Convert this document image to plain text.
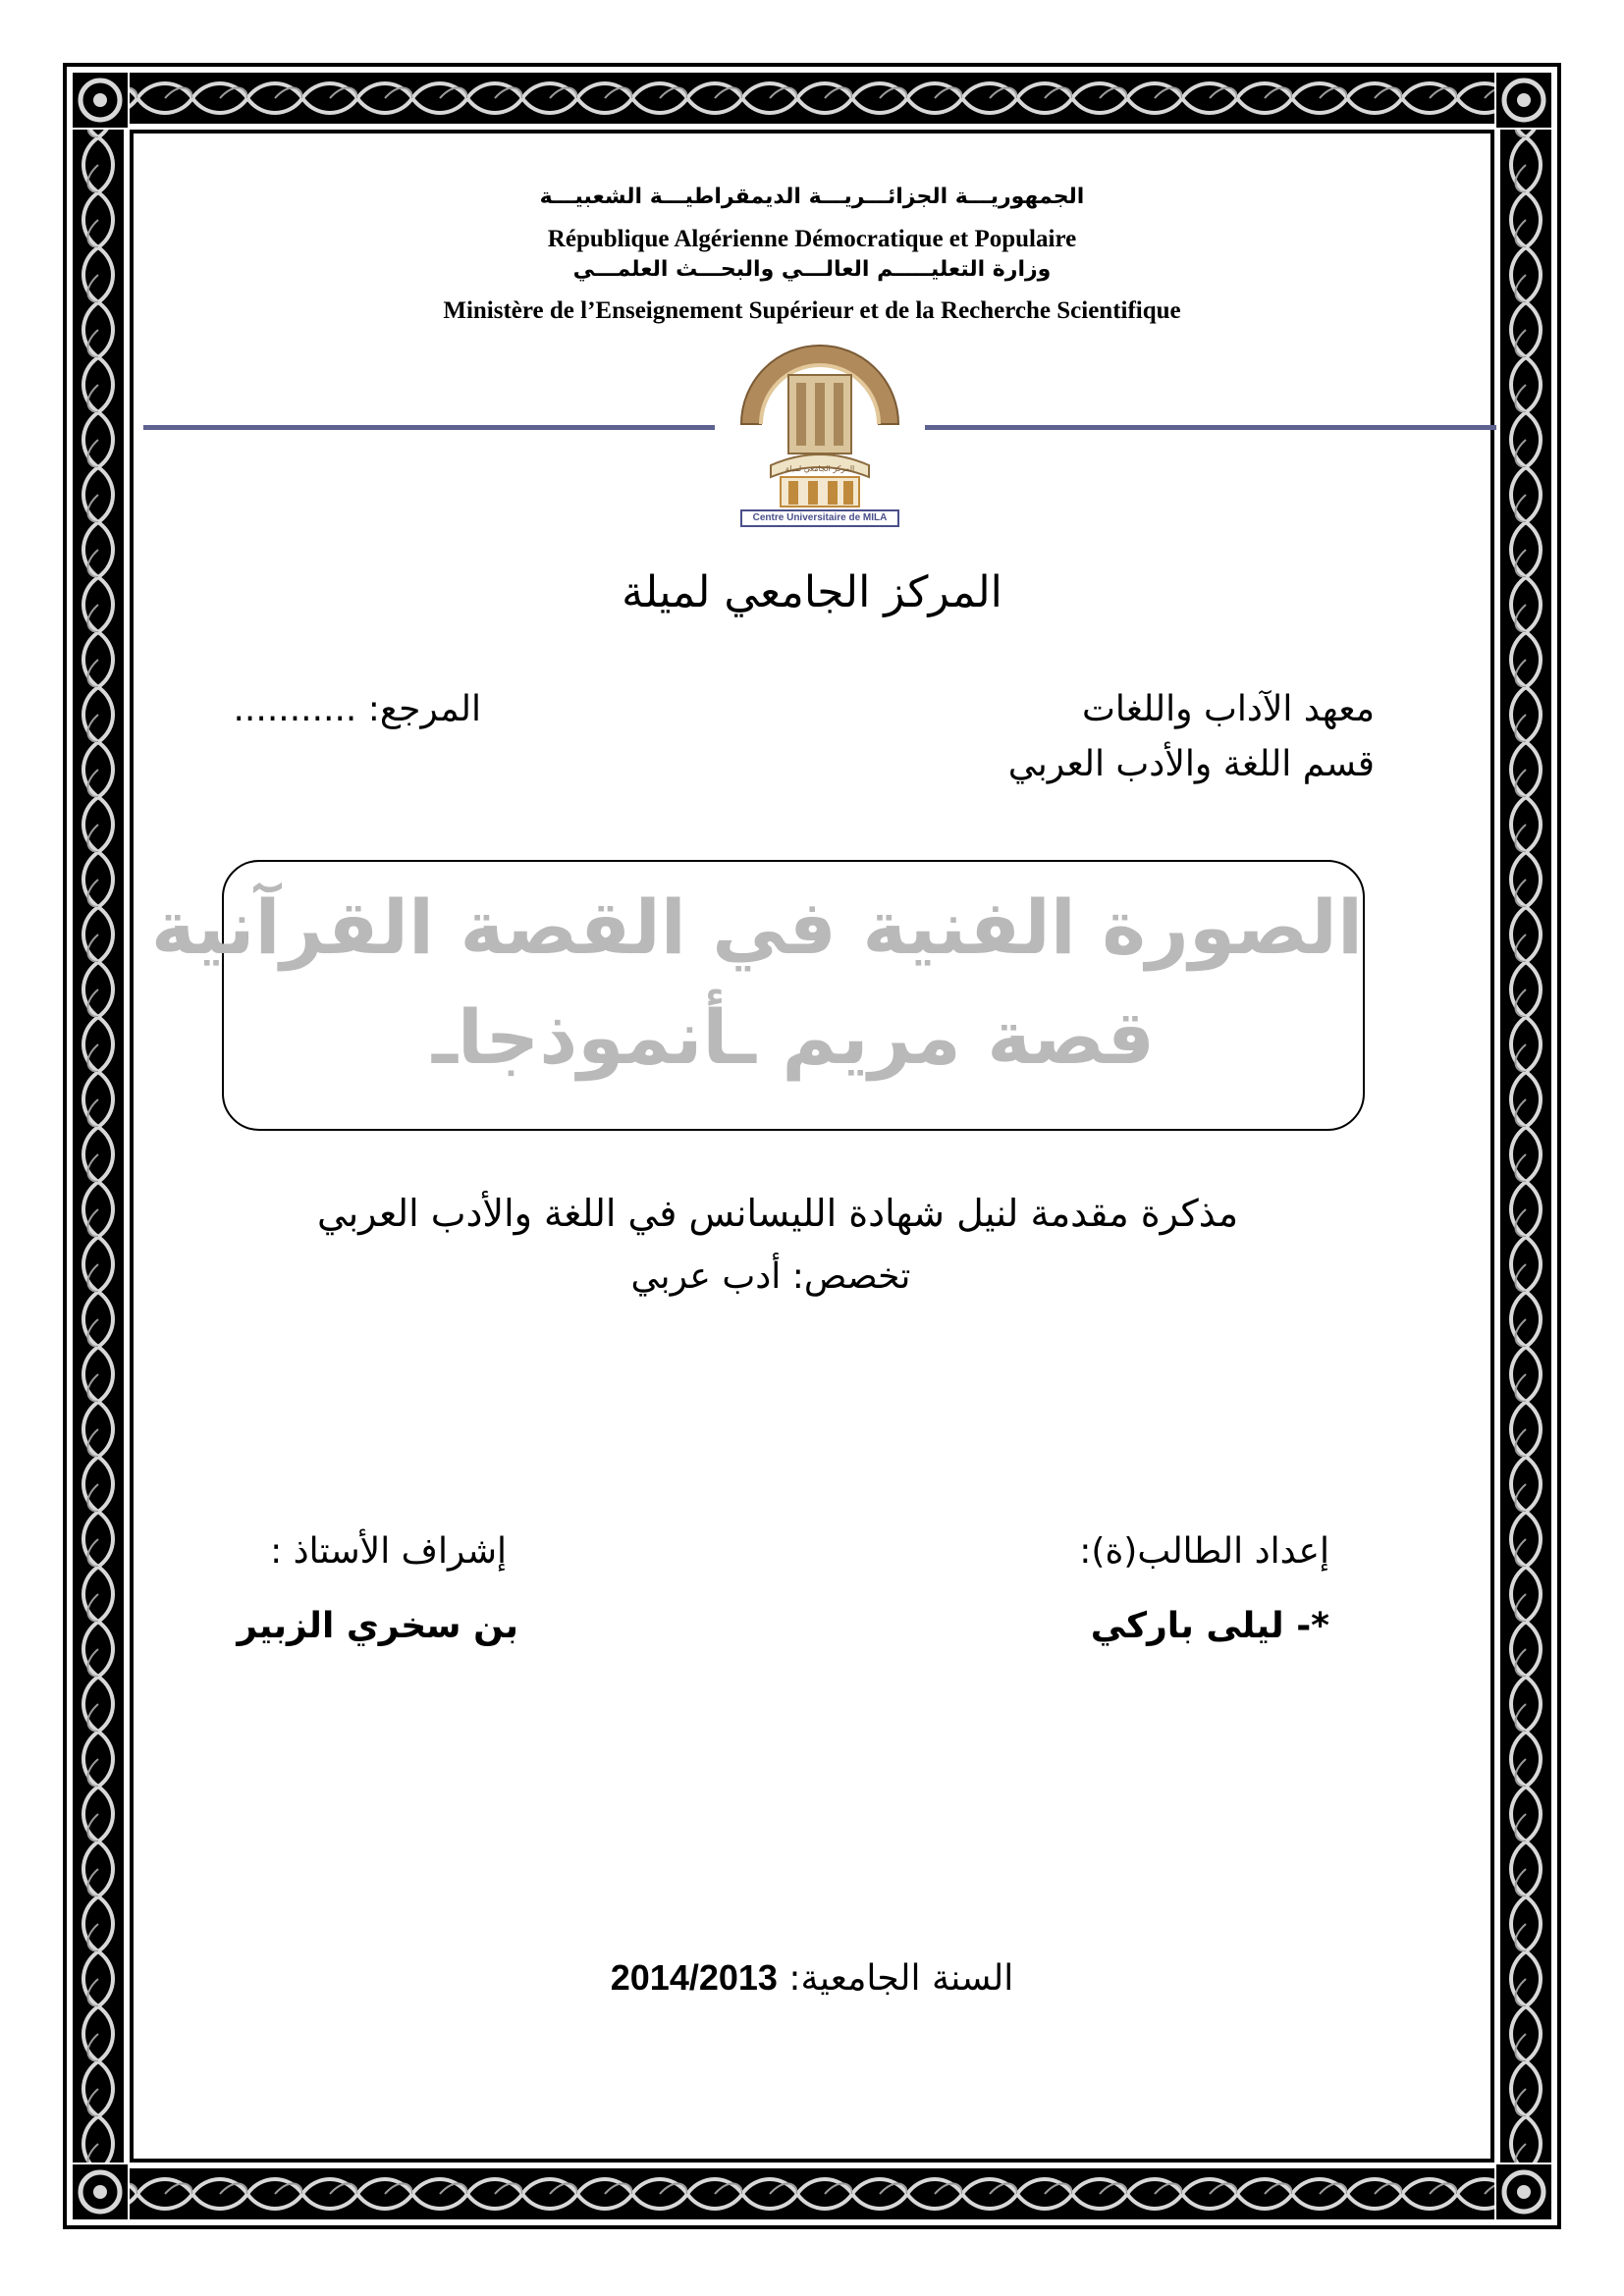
الجمهوريـــة الجزائـــريـــة الديمقراطيـــة الشعبيـــة

République Algérienne Démocratique et Populaire

وزارة التعليـــــم العالـــي والبحـــث العلمـــي

Ministère de l’Enseignement Supérieur et de la Recherche Scientifique

Centre Universitaire de MILA
المركز الجامعي لميلة

المركز الجامعي لميلة

معهد الآداب واللغات

قسم اللغة والأدب العربي

المرجع: ...........

الصورة الفنية في القصة القرآنية

قصة مريم ـأنموذجاـ

مذكرة مقدمة لنيل شهادة الليسانس في اللغة والأدب العربي

تخصص: أدب عربي

إعداد الطالب(ة):

*- ليلى باركي

إشراف الأستاذ :

بن سخري الزبير

السنة الجامعية: 2014/2013
